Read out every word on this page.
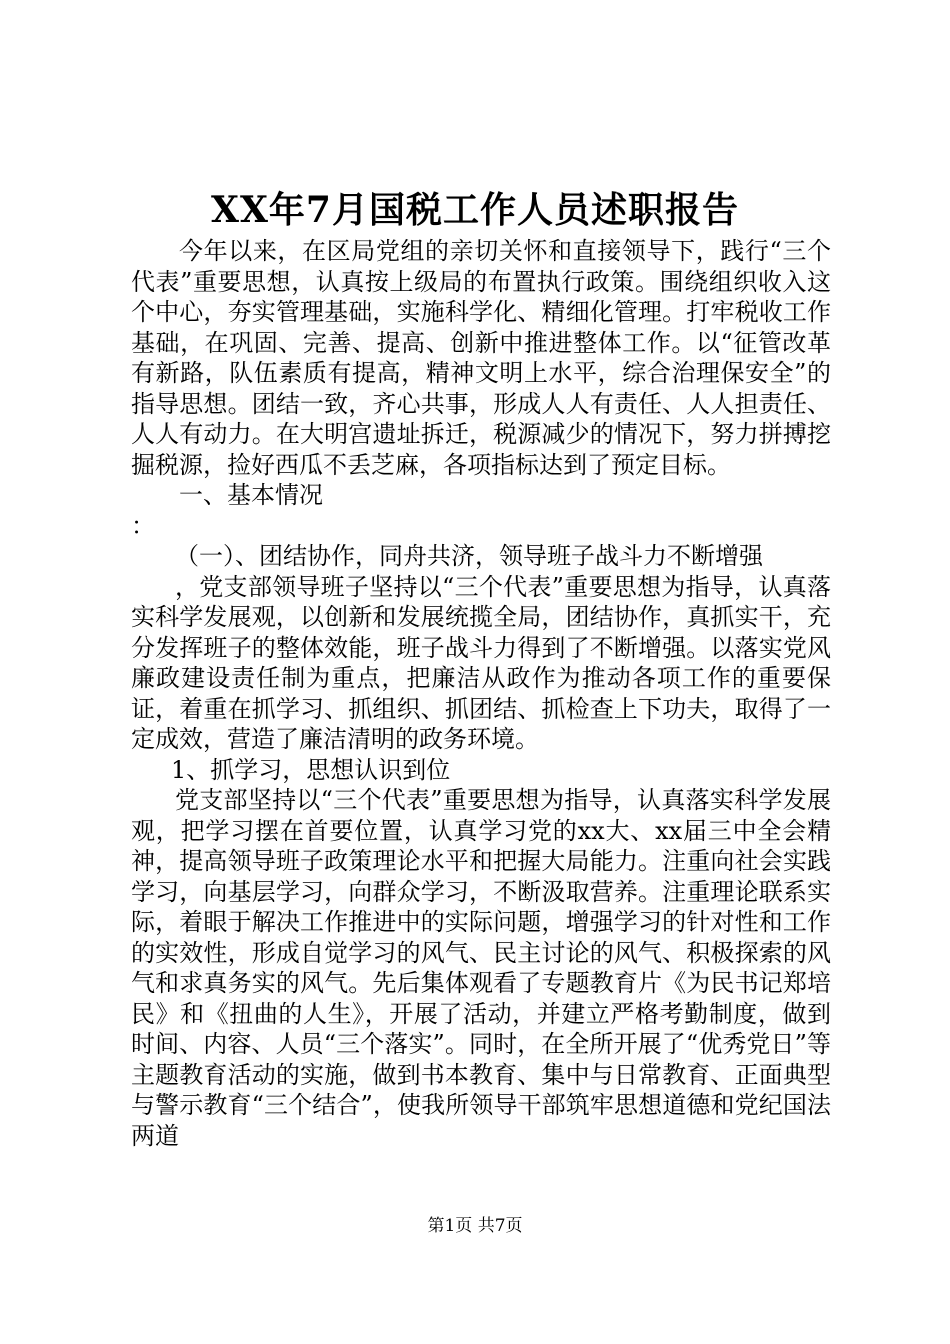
XX年7月国税工作人员述职报告

今年以来，在区局党组的亲切关怀和直接领导下，践行“三个代表”重要思想，认真按上级局的布置执行政策。围绕组织收入这个中心，夯实管理基础，实施科学化、精细化管理。打牢税收工作基础，在巩固、完善、提高、创新中推进整体工作。以“征管改革有新路，队伍素质有提高，精神文明上水平，综合治理保安全”的指导思想。团结一致，齐心共事，形成人人有责任、人人担责任、人人有动力。在大明宫遗址拆迁，税源减少的情况下，努力拼搏挖掘税源，捡好西瓜不丢芝麻，各项指标达到了预定目标。

一、基本情况

：

（一）、团结协作，同舟共济，领导班子战斗力不断增强

，党支部领导班子坚持以“三个代表”重要思想为指导，认真落实科学发展观，以创新和发展统揽全局，团结协作，真抓实干，充分发挥班子的整体效能，班子战斗力得到了不断增强。以落实党风廉政建设责任制为重点，把廉洁从政作为推动各项工作的重要保证，着重在抓学习、抓组织、抓团结、抓检查上下功夫，取得了一定成效，营造了廉洁清明的政务环境。

1、抓学习，思想认识到位

党支部坚持以“三个代表”重要思想为指导，认真落实科学发展观，把学习摆在首要位置，认真学习党的xx大、xx届三中全会精神，提高领导班子政策理论水平和把握大局能力。注重向社会实践学习，向基层学习，向群众学习，不断汲取营养。注重理论联系实际，着眼于解决工作推进中的实际问题，增强学习的针对性和工作的实效性，形成自觉学习的风气、民主讨论的风气、积极探索的风气和求真务实的风气。先后集体观看了专题教育片《为民书记郑培民》和《扭曲的人生》，开展了活动，并建立严格考勤制度，做到时间、内容、人员“三个落实”。同时，在全所开展了“优秀党日”等主题教育活动的实施，做到书本教育、集中与日常教育、正面典型与警示教育“三个结合”，使我所领导干部筑牢思想道德和党纪国法两道

第1页 共7页
